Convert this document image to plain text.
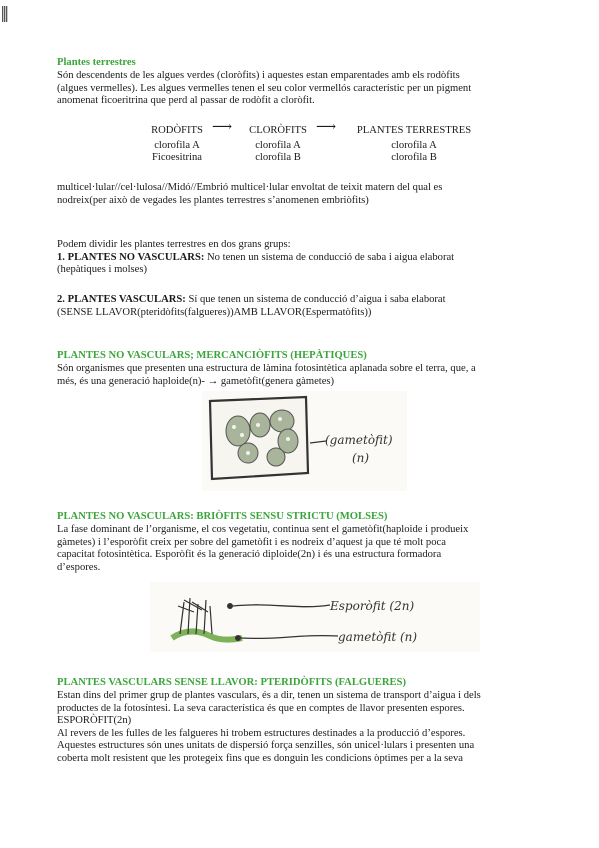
Plantes terrestres
Són descendents de les algues verdes (cloròfits) i aquestes estan emparentades amb els rodòfits
(algues vermelles). Les algues vermelles tenen el seu color vermellós característic per un pigment
anomenat ficoeritrina que perd al passar de rodòfit a cloròfit.
RODÒFITS
clorofila A
Ficoesitrina
⟶	CLORÒFITS
clorofila A
clorofila B
⟶	PLANTES TERRESTRES
clorofila A
clorofila B
multicel·lular//cel·lulosa//Midó//Embrió multicel·lular envoltat de teixit matern del qual es
nodreix(per això de vegades les plantes terrestres s’anomenen embriòfits)
Podem dividir les plantes terrestres en dos grans grups:
1. PLANTES NO VASCULARS: No tenen un sistema de conducció de saba i aigua elaborat
(hepàtiques i molses)
2. PLANTES VASCULARS: Sí que tenen un sistema de conducció d’aigua i saba elaborat
(SENSE LLAVOR(pteridòfits(falgueres))AMB LLAVOR(Espermatòfits))
PLANTES NO VASCULARS; MERCANCIÒFITS (HEPÀTIQUES)
Són organismes que presenten una estructura de làmina fotosintètica aplanada sobre el terra, que, a
més, és una generació haploide(n)- → gametòfit(genera gàmetes)
(gametòfit)
(n)
PLANTES NO VASCULARS: BRIÒFITS SENSU STRICTU (MOLSES)
La fase dominant de l’organisme, el cos vegetatiu, continua sent el gametòfit(haploide i produeix
gàmetes) i l’esporòfit creix per sobre del gametòfit i es nodreix d’aquest ja que té molt poca
capacitat fotosintètica. Esporòfit és la generació diploide(2n) i és una estructura formadora
d’espores.
Esporòfit (2n)
gametòfit (n)
PLANTES VASCULARS SENSE LLAVOR: PTERIDÒFITS (FALGUERES)
Estan dins del primer grup de plantes vasculars, és a dir, tenen un sistema de transport d’aigua i dels
productes de la fotosíntesi. La seva característica és que en comptes de llavor presenten espores.
ESPORÒFIT(2n)
Al revers de les fulles de les falgueres hi trobem estructures destinades a la producció d’espores.
Aquestes estructures són unes unitats de dispersió força senzilles, són unicel·lulars i presenten una
coberta molt resistent que les protegeix fins que es donguin les condicions òptimes per a la seva
